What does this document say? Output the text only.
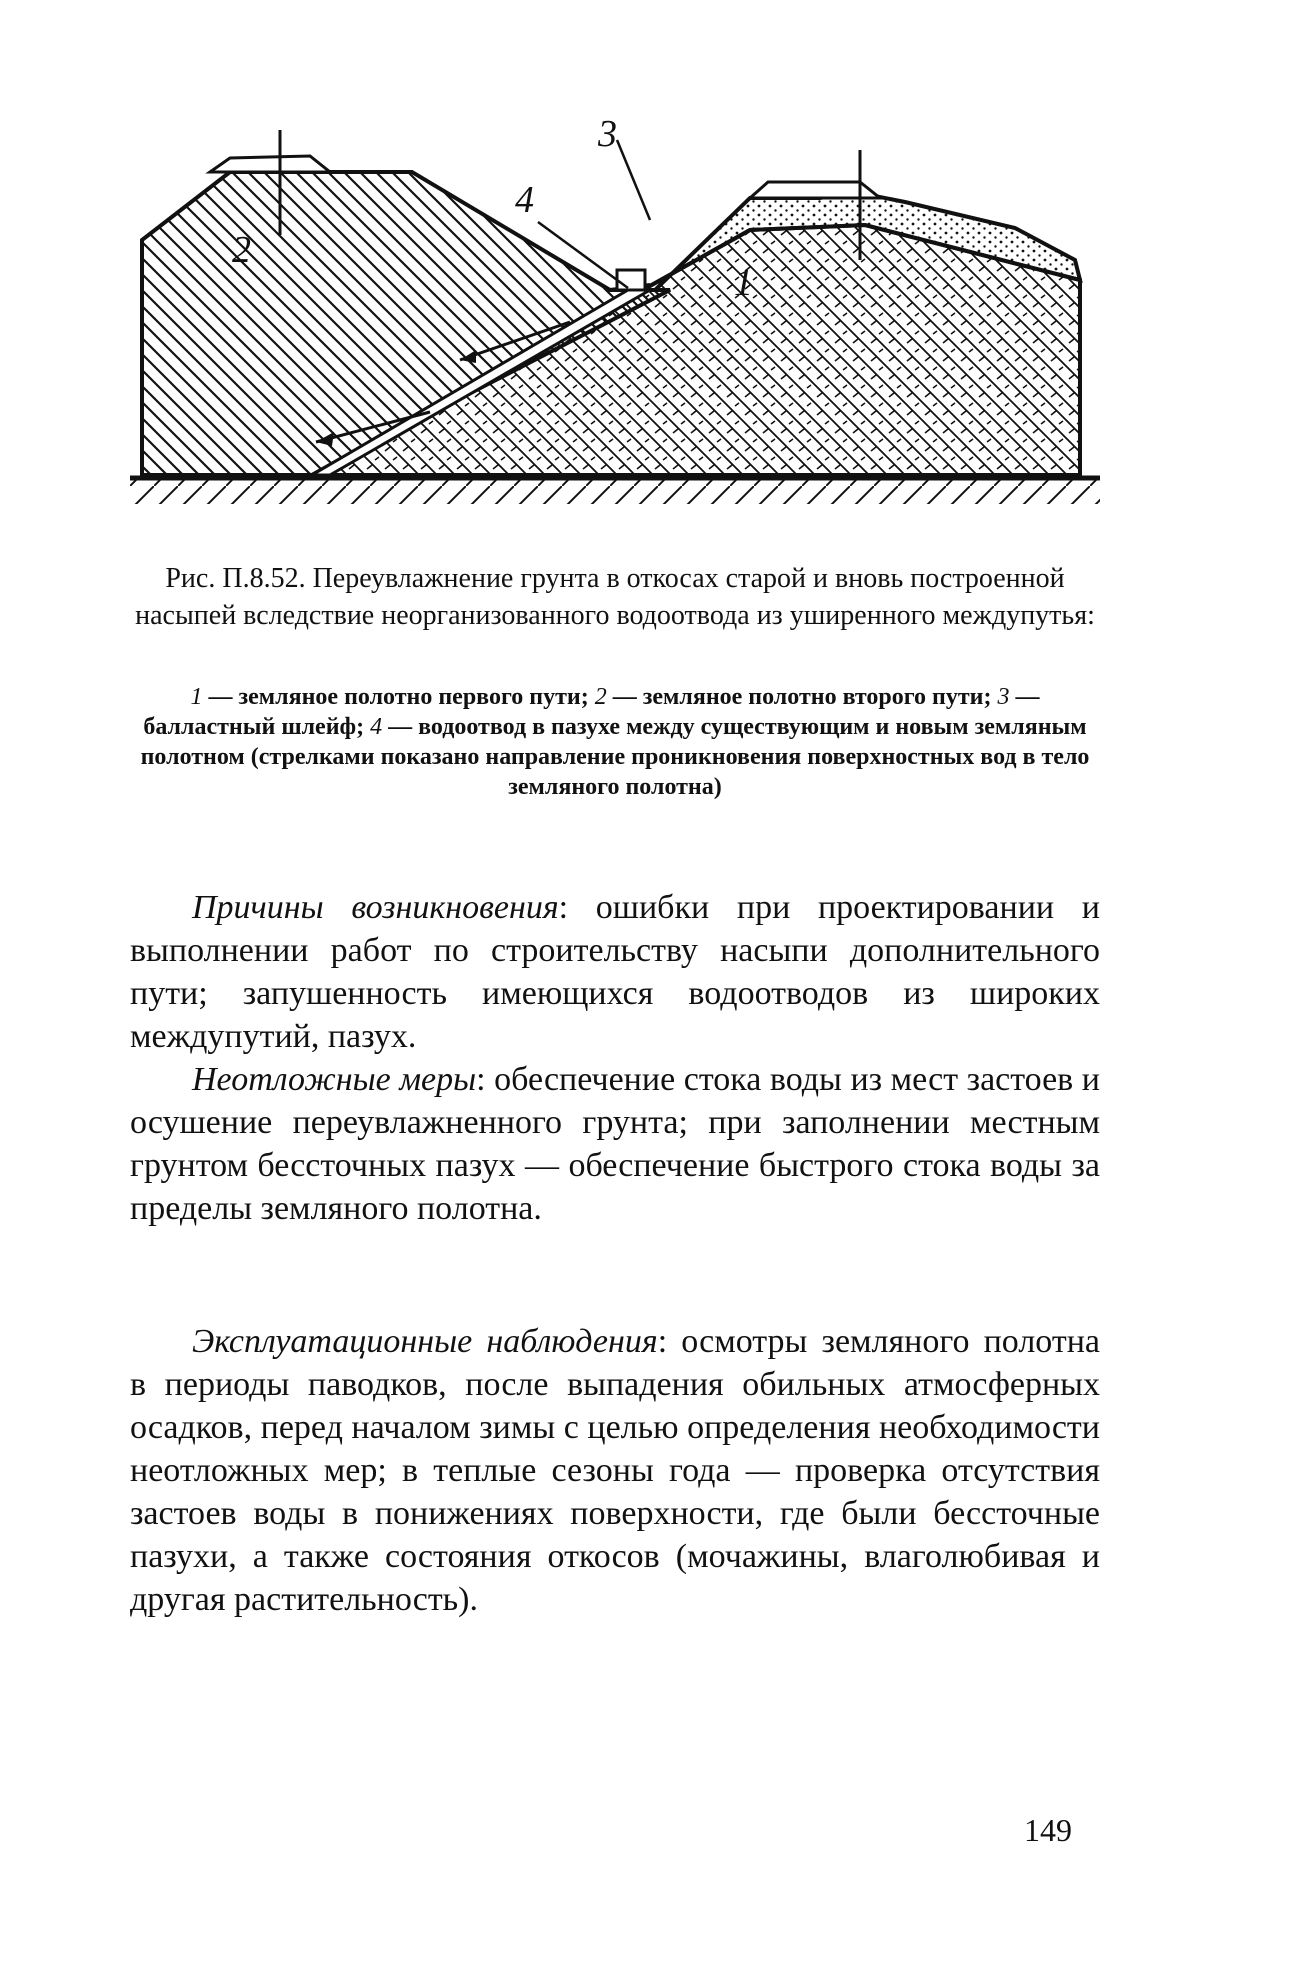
2
4
3
1
Рис. П.8.52. Переувлажнение грунта в откосах старой и вновь построенной насыпей вследствие неорганизованного водоотвода из уширенного междупутья:
1 — земляное полотно первого пути; 2 — земляное полотно второго пути; 3 — балластный шлейф; 4 — водоотвод в пазухе между существующим и новым земляным полотном (стрелками показано направление проникновения поверхностных вод в тело земляного полотна)

Причины возникновения: ошибки при проектировании и выполнении работ по строительству насыпи дополнительного пути; запушенность имеющихся водоотводов из широких междупутий, пазух.

Неотложные меры: обеспечение стока воды из мест застоев и осушение переувлажненного грунта; при заполнении местным грунтом бессточных пазух — обеспечение быстрого стока воды за пределы земляного полотна.

Эксплуатационные наблюдения: осмотры земляного полотна в периоды паводков, после выпадения обильных атмосферных осадков, перед началом зимы с целью определения необходимости неотложных мер; в теплые сезоны года — проверка отсутствия застоев воды в понижениях поверхности, где были бессточные пазухи, а также состояния откосов (мочажины, влаголюбивая и другая растительность).

149
